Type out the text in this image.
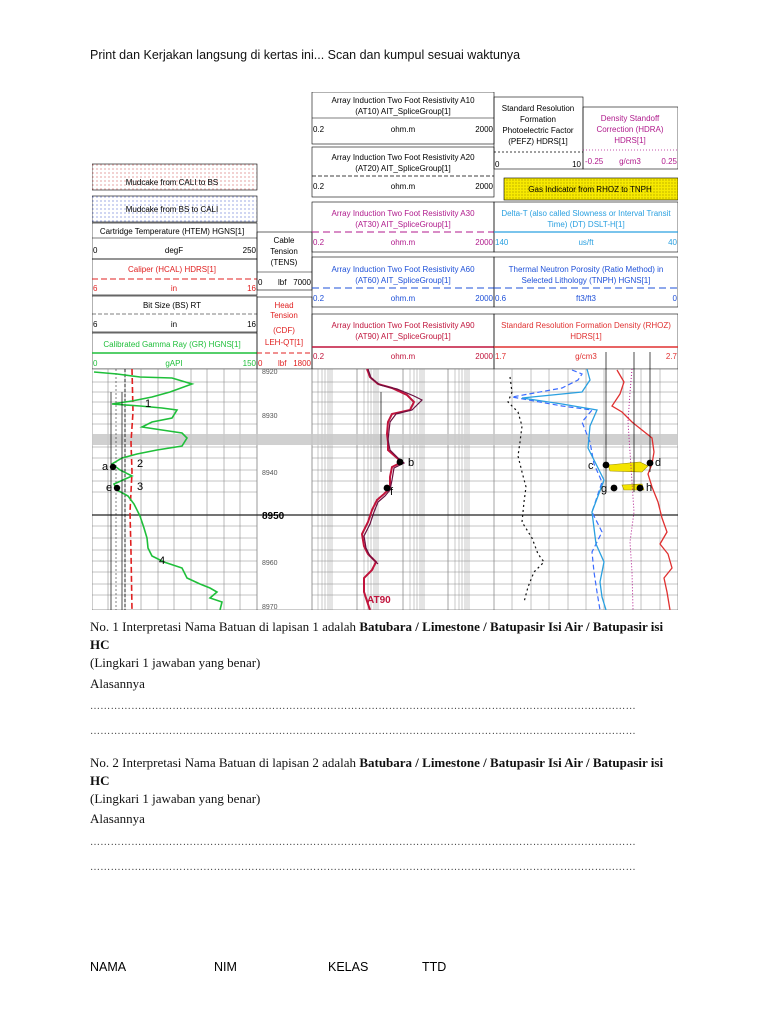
Print dan Kerjakan langsung di kertas ini... Scan dan kumpul sesuai waktunya
Mudcake from CALI to BS
Mudcake from BS to CALI
Cartridge Temperature (HTEM) HGNS[1]
0	degF	250
Caliper (HCAL) HDRS[1]
6	in	16
Bit Size (BS) RT
6	in	16
Calibrated Gamma Ray (GR) HGNS[1]
0	gAPI	150
Cable
Tension
(TENS)
0 lbf 7000
Head
Tension
(CDF)
LEH-QT[1]
0 lbf 1800
Array Induction Two Foot Resistivity A10
(AT10) AIT_SpliceGroup[1]
0.2	ohm.m	2000
Array Induction Two Foot Resistivity A20
(AT20) AIT_SpliceGroup[1]
0.2	ohm.m	2000
Array Induction Two Foot Resistivity A30
(AT30) AIT_SpliceGroup[1]
0.2	ohm.m	2000
Array Induction Two Foot Resistivity A60
(AT60) AIT_SpliceGroup[1]
0.2	ohm.m	2000
Array Induction Two Foot Resistivity A90
(AT90) AIT_SpliceGroup[1]
0.2	ohm.m	2000
Standard Resolution
Formation
Photoelectric Factor
(PEFZ) HDRS[1]
0	10
Density Standoff
Correction (HDRA)
HDRS[1]
-0.25 g/cm3	0.25
Gas Indicator from RHOZ to TNPH
Delta-T (also called Slowness or Interval Transit
Time) (DT) DSLT-H[1]
140	us/ft	40
Thermal Neutron Porosity (Ratio Method) in
Selected Lithology (TNPH) HGNS[1]
0.6	ft3/ft3	0
Standard Resolution Formation Density (RHOZ)
HDRS[1]
1.7	g/cm3	2.7
8920
8930
8940
8950
8960
8970
AT90
1
2
3
4
a
e
b
f
c	d
g	h
No. 1 Interpretasi Nama Batuan di lapisan 1 adalah Batubara / Limestone / Batupasir Isi Air / Batupasir isi HC
(Lingkari 1 jawaban yang benar)
Alasannya
……………………………………………………………………………………………………………………………………………
……………………………………………………………………………………………………………………………………………
No. 2 Interpretasi Nama Batuan di lapisan 2 adalah Batubara / Limestone / Batupasir Isi Air / Batupasir isi HC
(Lingkari 1 jawaban yang benar)
Alasannya
……………………………………………………………………………………………………………………………………………
……………………………………………………………………………………………………………………………………………
NAMA	NIM	KELAS	TTD
